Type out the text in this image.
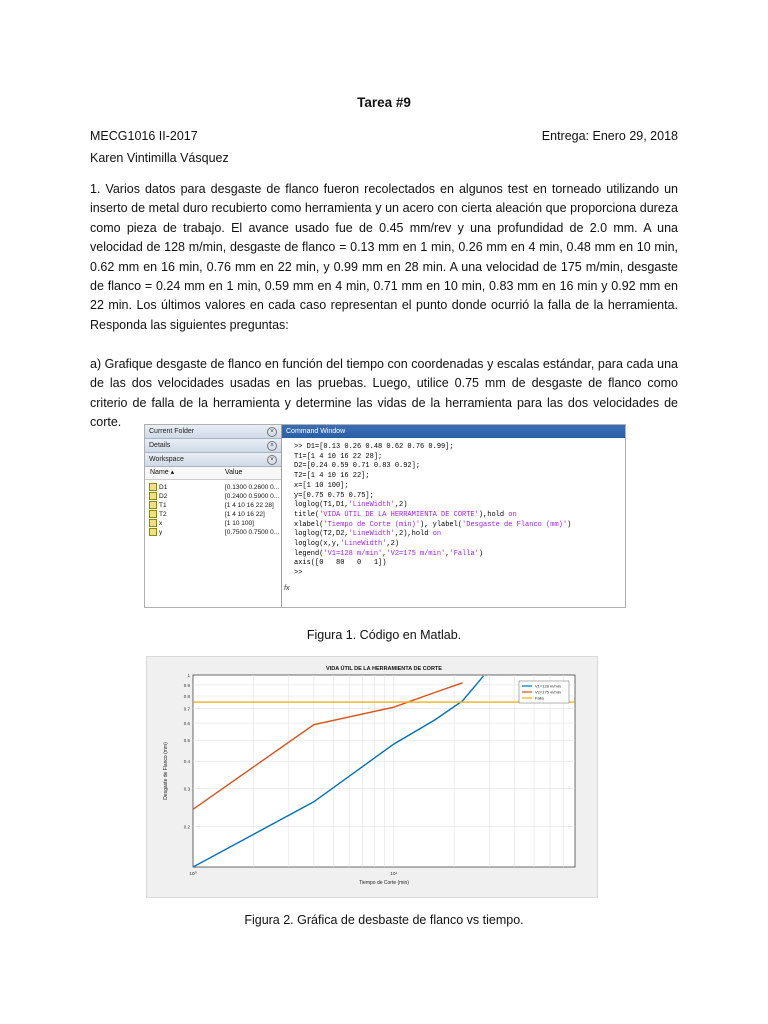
Tarea #9
MECG1016 II-2017	Entrega: Enero 29, 2018
Karen Vintimilla Vásquez
1. Varios datos para desgaste de flanco fueron recolectados en algunos test en torneado utilizando un inserto de metal duro recubierto como herramienta y un acero con cierta aleación que proporciona dureza como pieza de trabajo. El avance usado fue de 0.45 mm/rev y una profundidad de 2.0 mm. A una velocidad de 128 m/min, desgaste de flanco = 0.13 mm en 1 min, 0.26 mm en 4 min, 0.48 mm en 10 min, 0.62 mm en 16 min, 0.76 mm en 22 min, y 0.99 mm en 28 min. A una velocidad de 175 m/min, desgaste de flanco = 0.24 mm en 1 min, 0.59 mm en 4 min, 0.71 mm en 10 min, 0.83 mm en 16 min y 0.92 mm en 22 min. Los últimos valores en cada caso representan el punto donde ocurrió la falla de la herramienta. Responda las siguientes preguntas:
a) Grafique desgaste de flanco en función del tiempo con coordenadas y escalas estándar, para cada una de las dos velocidades usadas en las pruebas. Luego, utilice 0.75 mm de desgaste de flanco como criterio de falla de la herramienta y determine las vidas de la herramienta para las dos velocidades de corte.
Current Folder	˅
Details	˄
Workspace	˅
Name ▴	Value
D1	[0.1300 0.2600 0...
D2	[0.2400 0.5900 0...
T1	[1 4 10 16 22 28]
T2	[1 4 10 16 22]
x	[1 10 100]
y	[0.7500 0.7500 0...
Command Window
>> D1=[0.13 0.26 0.48 0.62 0.76 0.99];
T1=[1 4 10 16 22 28];
D2=[0.24 0.59 0.71 0.83 0.92];
T2=[1 4 10 16 22];
x=[1 10 100];
y=[0.75 0.75 0.75];
loglog(T1,D1,'LineWidth',2)
title('VIDA ÚTIL DE LA HERRAMIENTA DE CORTE'),hold on
xlabel('Tiempo de Corte (min)'), ylabel('Desgaste de Flanco (mm)')
loglog(T2,D2,'LineWidth',2),hold on
loglog(x,y,'LineWidth',2)
legend('V1=128 m/min','V2=175 m/min','Falla')
axis([0   80   0   1])
>>
fx
Figura 1. Código en Matlab.
0.2
0.3
0.4
0.5
0.6
0.7
0.8
0.9
1
10⁰	10¹
VIDA ÚTIL DE LA HERRAMIENTA DE CORTE
Tiempo de Corte (min)
Desgaste de Flanco (mm)
V1=128 m/min
V2=175 m/min
Falla
Figura 2. Gráfica de desbaste de flanco vs tiempo.
